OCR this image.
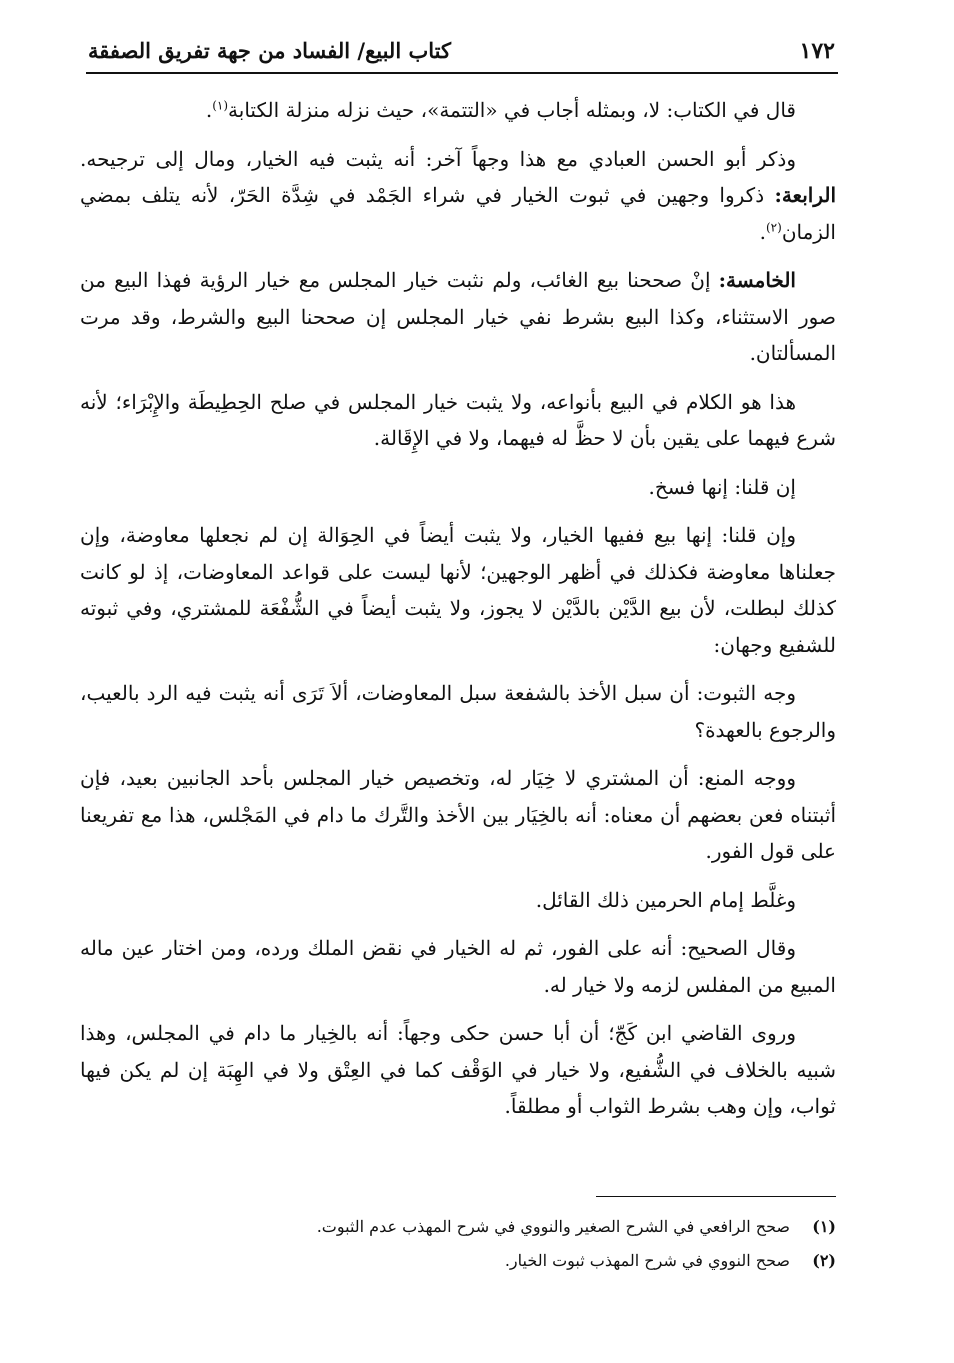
١٧٢
كتاب البيع/ الفساد من جهة تفريق الصفقة

قال في الكتاب: لا، وبمثله أجاب في «التتمة»، حيث نزله منزلة الكتابة$^{(١)}$.

وذكر أبو الحسن العبادي مع هذا وجهاً آخر: أنه يثبت فيه الخيار، ومال إلى ترجيحه. الرابعة: ذكروا وجهين في ثبوت الخيار في شراء الجَمْد في شِدَّة الحَرّ، لأنه يتلف بمضي الزمان$^{(٢)}$.

الخامسة: إنْ صححنا بيع الغائب، ولم نثبت خيار المجلس مع خيار الرؤية فهذا البيع من صور الاستثناء، وكذا البيع بشرط نفي خيار المجلس إن صححنا البيع والشرط، وقد مرت المسألتان.

هذا هو الكلام في البيع بأنواعه، ولا يثبت خيار المجلس في صلح الحِطِيطَة والإِبْرَاء؛ لأنه شرع فيهما على يقين بأن لا حظَّ له فيهما، ولا في الإِقَالة.

إن قلنا: إنها فسخ.

وإن قلنا: إنها بيع ففيها الخيار، ولا يثبت أيضاً في الحِوَالة إن لم نجعلها معاوضة، وإن جعلناها معاوضة فكذلك في أظهر الوجهين؛ لأنها ليست على قواعد المعاوضات، إذ لو كانت كذلك لبطلت، لأن بيع الدَّيْن بالدَّيْن لا يجوز، ولا يثبت أيضاً في الشُّفْعَة للمشتري، وفي ثبوته للشفيع وجهان:

وجه الثبوت: أن سبل الأخذ بالشفعة سبل المعاوضات، ألاَ تَرَى أنه يثبت فيه الرد بالعيب، والرجوع بالعهدة؟

ووجه المنع: أن المشتري لا خِيَار له، وتخصيص خيار المجلس بأحد الجانبين بعيد، فإن أثبتناه فعن بعضهم أن معناه: أنه بالخِيَار بين الأخذ والتَّرك ما دام في المَجْلس، هذا مع تفريعنا على قول الفور.

وغلَّط إمام الحرمين ذلك القائل.

وقال الصحيح: أنه على الفور، ثم له الخيار في نقض الملك ورده، ومن اختار عين ماله المبيع من المفلس لزمه ولا خيار له.

وروى القاضي ابن كَجّ؛ أن أبا حسن حكى وجهاً: أنه بالخِيار ما دام في المجلس، وهذا شبيه بالخلاف في الشُّفيع، ولا خيار في الوَقْف كما في العِتْق ولا في الهِبَة إن لم يكن فيها ثواب، وإن وهب بشرط الثواب أو مطلقاً.

(١)
صحح الرافعي في الشرح الصغير والنووي في شرح المهذب عدم الثبوت.
(٢)
صحح النووي في شرح المهذب ثبوت الخيار.
